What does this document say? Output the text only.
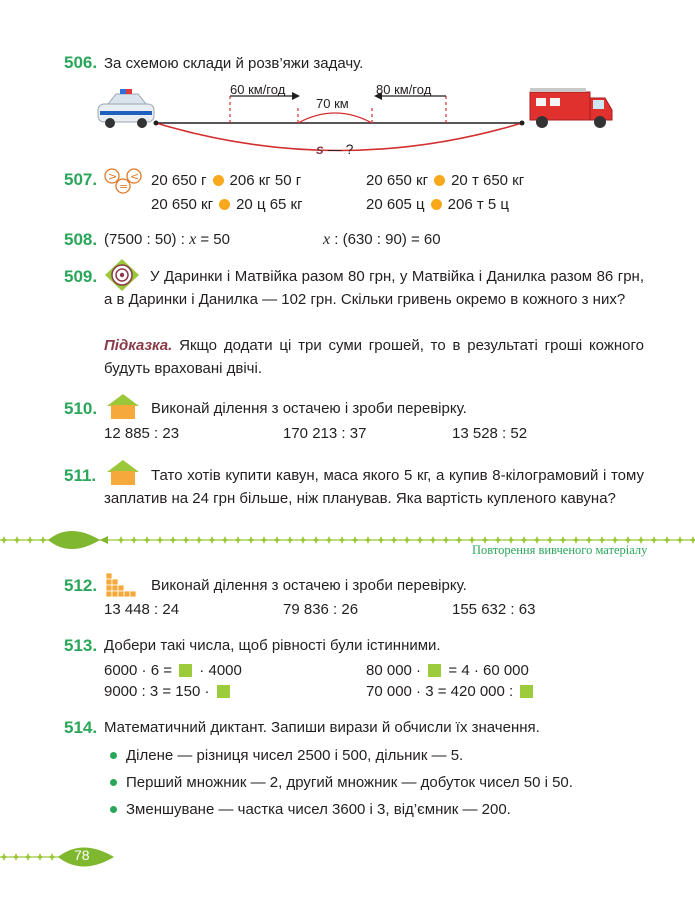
506. За схемою склади й розв’яжи задачу.
60 км/год	80 км/год
70 км
s — ?
507. > <
= 20 650 г 206 кг 50 г	20 650 кг 20 т 650 кг
20 650 кг 20 ц 65 кг	20 605 ц 206 т 5 ц
508. (7500 : 50) : x = 50	x : (630 : 90) = 60
509.	У Даринки і Матвійка разом 80 грн, у Матвійка і Данилка разом 86 грн, а в Даринки і Данилка — 102 грн. Скільки гривень окремо в кожного з них?
Підказка. Якщо додати ці три суми грошей, то в результаті гроші кожного будуть враховані двічі.
510.	Виконай ділення з остачею і зроби перевірку.
12 885 : 23	170 213 : 37	13 528 : 52
511.	Тато хотів купити кавун, маса якого 5 кг, а купив 8-кілограмовий і тому заплатив на 24 грн більше, ніж планував. Яка вартість купленого кавуна?
Повторення вивченого матеріалу
512.	Виконай ділення з остачею і зроби перевірку.
13 448 : 24	79 836 : 26	155 632 : 63
513. Добери такі числа, щоб рівності були істинними.
6000 · 6 =  · 4000	80 000 ·  = 4 · 60 000
9000 : 3 = 150 ·	70 000 · 3 = 420 000 :
514. Математичний диктант. Запиши вирази й обчисли їх значення.
Ділене — різниця чисел 2500 і 500, дільник — 5.
Перший множник — 2, другий множник — добуток чисел 50 і 50.
Зменшуване — частка чисел 3600 і 3, від’ємник — 200.
78
